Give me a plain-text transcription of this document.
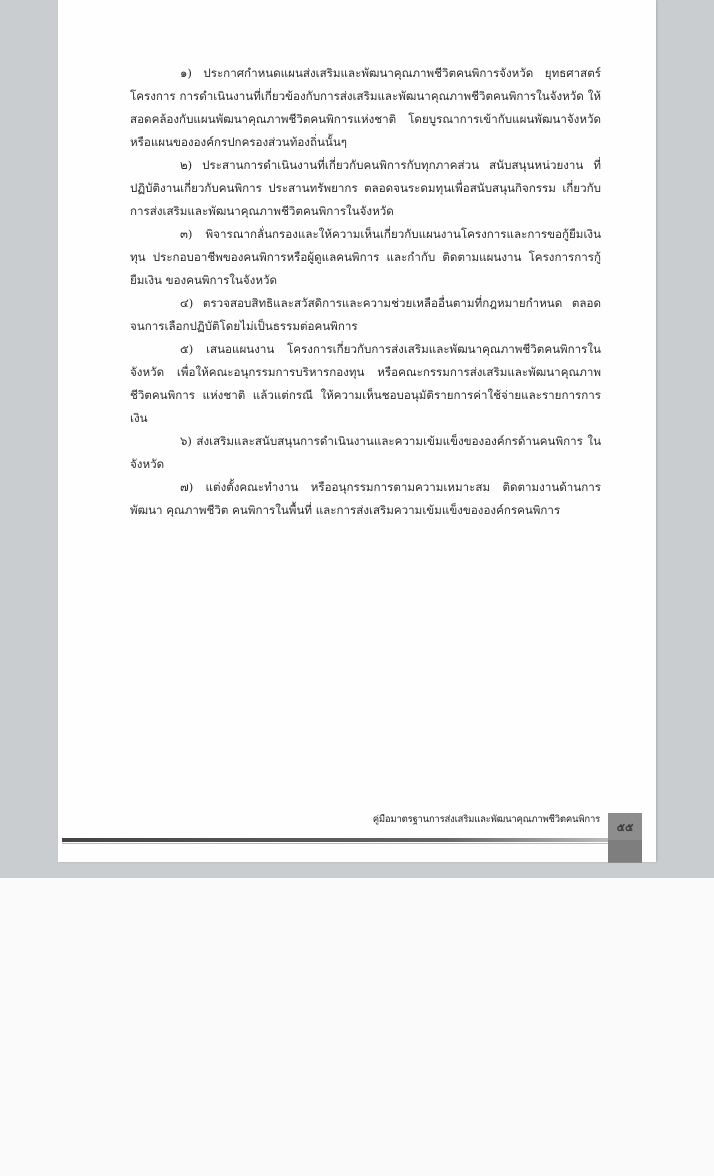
๑) ประกาศกำหนดแผนส่งเสริมและพัฒนาคุณภาพชีวิตคนพิการจังหวัด ยุทธศาสตร์ โครงการ การดำเนินงานที่เกี่ยวข้องกับการส่งเสริมและพัฒนาคุณภาพชีวิตคนพิการในจังหวัด ให้สอดคล้องกับแผนพัฒนาคุณภาพชีวิตคนพิการแห่งชาติ โดยบูรณาการเข้ากับแผนพัฒนาจังหวัด หรือแผนขององค์กรปกครองส่วนท้องถิ่นนั้นๆ

๒) ประสานการดำเนินงานที่เกี่ยวกับคนพิการกับทุกภาคส่วน สนับสนุนหน่วยงาน ที่ปฏิบัติงานเกี่ยวกับคนพิการ ประสานทรัพยากร ตลอดจนระดมทุนเพื่อสนับสนุนกิจกรรม เกี่ยวกับการส่งเสริมและพัฒนาคุณภาพชีวิตคนพิการในจังหวัด

๓) พิจารณากลั่นกรองและให้ความเห็นเกี่ยวกับแผนงานโครงการและการขอกู้ยืมเงินทุน ประกอบอาชีพของคนพิการหรือผู้ดูแลคนพิการ และกำกับ ติดตามแผนงาน โครงการการกู้ยืมเงิน ของคนพิการในจังหวัด

๔) ตรวจสอบสิทธิและสวัสดิการและความช่วยเหลืออื่นตามที่กฎหมายกำหนด ตลอดจนการเลือกปฏิบัติโดยไม่เป็นธรรมต่อคนพิการ

๕) เสนอแผนงาน โครงการเกี่ยวกับการส่งเสริมและพัฒนาคุณภาพชีวิตคนพิการในจังหวัด เพื่อให้คณะอนุกรรมการบริหารกองทุน หรือคณะกรรมการส่งเสริมและพัฒนาคุณภาพชีวิตคนพิการ แห่งชาติ แล้วแต่กรณี ให้ความเห็นชอบอนุมัติรายการค่าใช้จ่ายและรายการการเงิน

๖) ส่งเสริมและสนับสนุนการดำเนินงานและความเข้มแข็งขององค์กรด้านคนพิการ ในจังหวัด

๗) แต่งตั้งคณะทำงาน หรืออนุกรรมการตามความเหมาะสม ติดตามงานด้านการพัฒนา คุณภาพชีวิต คนพิการในพื้นที่ และการส่งเสริมความเข้มแข็งขององค์กรคนพิการ

คู่มือมาตรฐานการส่งเสริมและพัฒนาคุณภาพชีวิตคนพิการ
๕๕
